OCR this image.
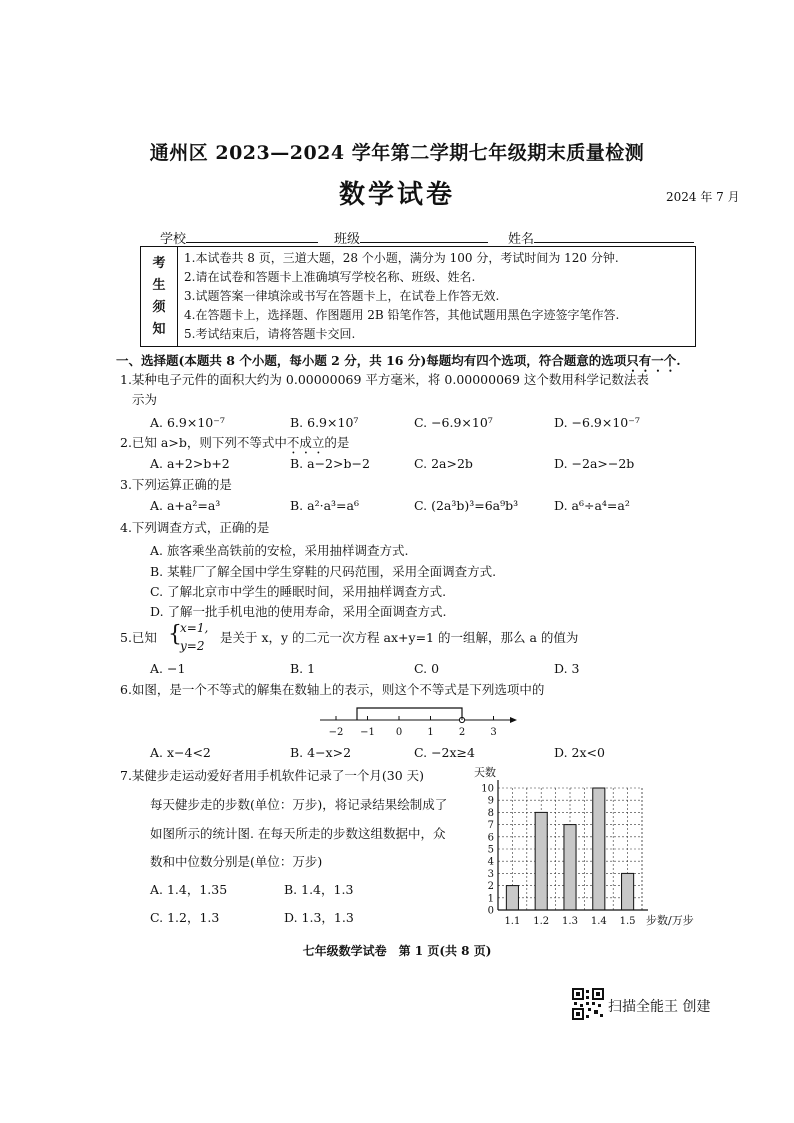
通州区 2023—2024 学年第二学期七年级期末质量检测
数学试卷	2024 年 7 月
学校	班级	姓名
考
生
须
知

1.本试卷共 8 页，三道大题，28 个小题，满分为 100 分，考试时间为 120 分钟.
2.请在试卷和答题卡上准确填写学校名称、班级、姓名.
3.试题答案一律填涂或书写在答题卡上，在试卷上作答无效.
4.在答题卡上，选择题、作图题用 2B 铅笔作答，其他试题用黑色字迹签字笔作答.
5.考试结束后，请将答题卡交回.
一、选择题(本题共 8 个小题，每小题 2 分，共 16 分)每题均有四个选项，符合题意的选项只有一个.
1.某种电子元件的面积大约为 0.00000069 平方毫米，将 0.00000069 这个数用科学记数法表
示为
A. 6.9×10⁻⁷	B. 6.9×10⁷	C. −6.9×10⁷	D. −6.9×10⁻⁷
2.已知 a>b，则下列不等式中不成立的是
A. a+2>b+2	B. a−2>b−2	C. 2a>2b	D. −2a>−2b
3.下列运算正确的是
A. a+a²=a³	B. a²·a³=a⁶	C. (2a³b)³=6a⁹b³	D. a⁶÷a⁴=a²
4.下列调查方式，正确的是
A. 旅客乘坐高铁前的安检，采用抽样调查方式.
B. 某鞋厂了解全国中学生穿鞋的尺码范围，采用全面调查方式.
C. 了解北京市中学生的睡眠时间，采用抽样调查方式.
D. 了解一批手机电池的使用寿命，采用全面调查方式.
5.已知 {
x=1,
y=2
是关于 x，y 的二元一次方程 ax+y=1 的一组解，那么 a 的值为
A. −1	B. 1	C. 0	D. 3
6.如图，是一个不等式的解集在数轴上的表示，则这个不等式是下列选项中的
−2 −1 0	1	2	3
A. x−4<2	B. 4−x>2	C. −2x≥4	D. 2x<0
7.某健步走运动爱好者用手机软件记录了一个月(30 天)
每天健步走的步数(单位：万步)，将记录结果绘制成了
如图所示的统计图. 在每天所走的步数这组数据中，众
数和中位数分别是(单位：万步)
A. 1.4，1.35	B. 1.4，1.3
C. 1.2，1.3	D. 1.3，1.3	0
1
2
3
4
5
6
7
8
9
10
1.1 1.2 1.3 1.4 1.5
天数
步数/万步
七年级数学试卷　第 1 页(共 8 页)
扫描全能王 创建
